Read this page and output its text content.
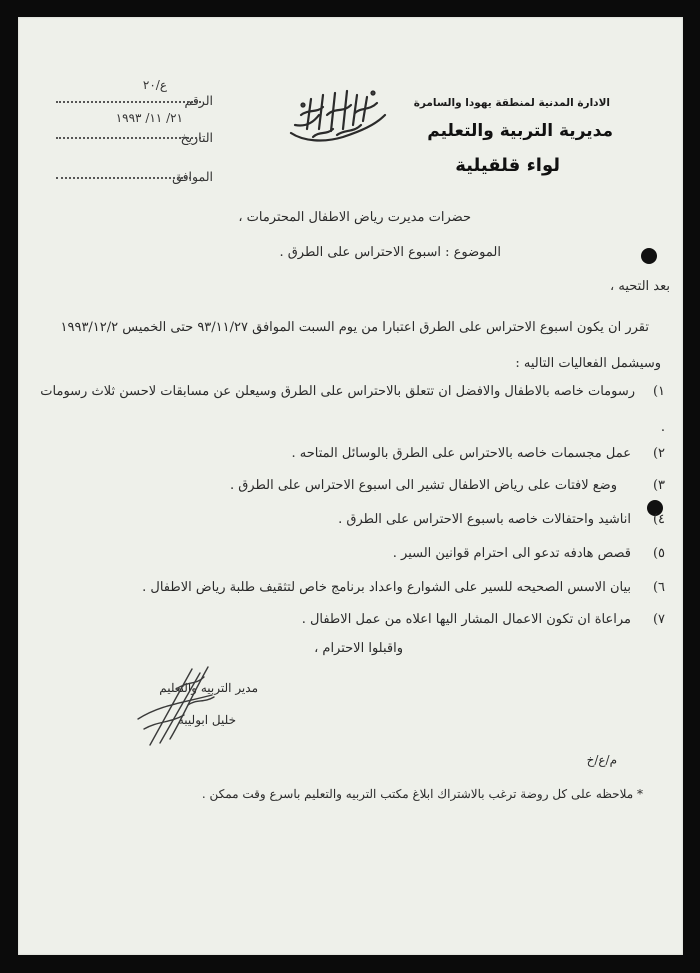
الادارة المدنية لمنطقة يهودا والسامرة
مديرية التربية والتعليم
لواء قلقيلية
ع/٢٠
الرقم
٢١/ ١١/ ١٩٩٣
التاريخ
الموافق
حضرات مديرت رياض الاطفال المحترمات ،
الموضوع : اسبوع الاحتراس على الطرق .
بعد التحيه ،
تقرر ان يكون اسبوع الاحتراس على الطرق اعتبارا من يوم السبت الموافق ٩٣/١١/٢٧ حتى الخميس ١٩٩٣/١٢/٢ وسيشمل الفعاليات التاليه :
١)رسومات خاصه بالاطفال والافضل ان تتعلق بالاحتراس على الطرق وسيعلن عن مسابقات لاحسن ثلاث رسومات .
٢)عمل مجسمات خاصه بالاحتراس على الطرق بالوسائل المتاحه .
٣)وضع لافتات على رياض الاطفال تشير الى اسبوع الاحتراس على الطرق .
٤)اناشيد واحتفالات خاصه باسبوع الاحتراس على الطرق .
٥)قصص هادفه تدعو الى احترام قوانين السير .
٦)بيان الاسس الصحيحه للسير على الشوارع واعداد برنامج خاص لتثقيف طلبة رياض الاطفال .
٧)مراعاة ان تكون الاعمال المشار اليها اعلاه من عمل الاطفال .
واقبلوا الاحترام ،
مدير التربيه والتعليم
خليل ابوليبه
م/ع/خ
* ملاحظه على كل روضة ترغب بالاشتراك ابلاغ مكتب التربيه والتعليم باسرع وقت ممكن .
